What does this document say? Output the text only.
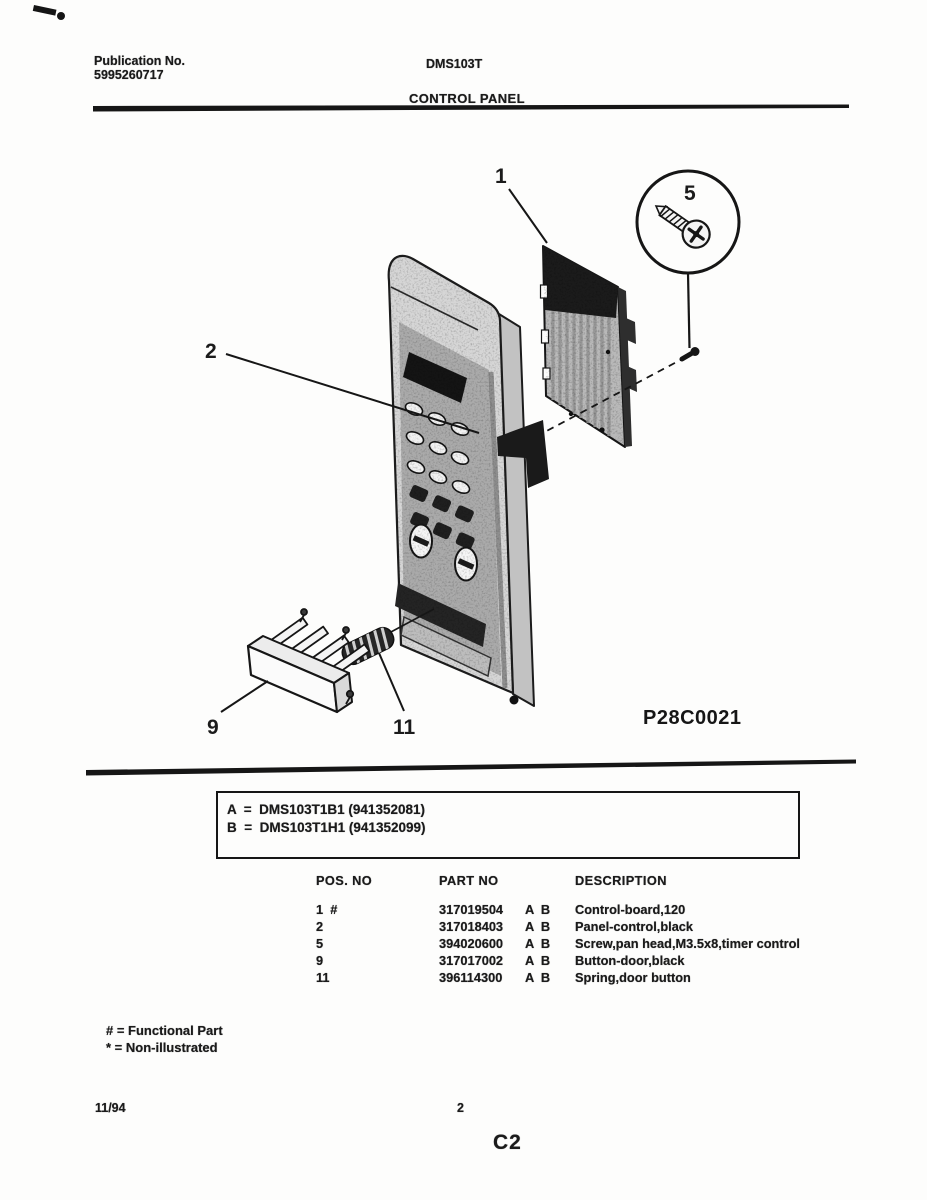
5
1
2
9	11	P28C0021
Publication No.
5995260717
DMS103T
CONTROL PANEL
A  =  DMS103T1B1 (941352081)
B  =  DMS103T1H1 (941352099)
POS. NO	PART NO	DESCRIPTION
1  #	317019504	A  B	Control-board,120
2	317018403	A  B	Panel-control,black
5	394020600	A  B	Screw,pan head,M3.5x8,timer control
9	317017002	A  B	Button-door,black
11	396114300	A  B	Spring,door button
# = Functional Part
* = Non-illustrated
11/94	2
C2
